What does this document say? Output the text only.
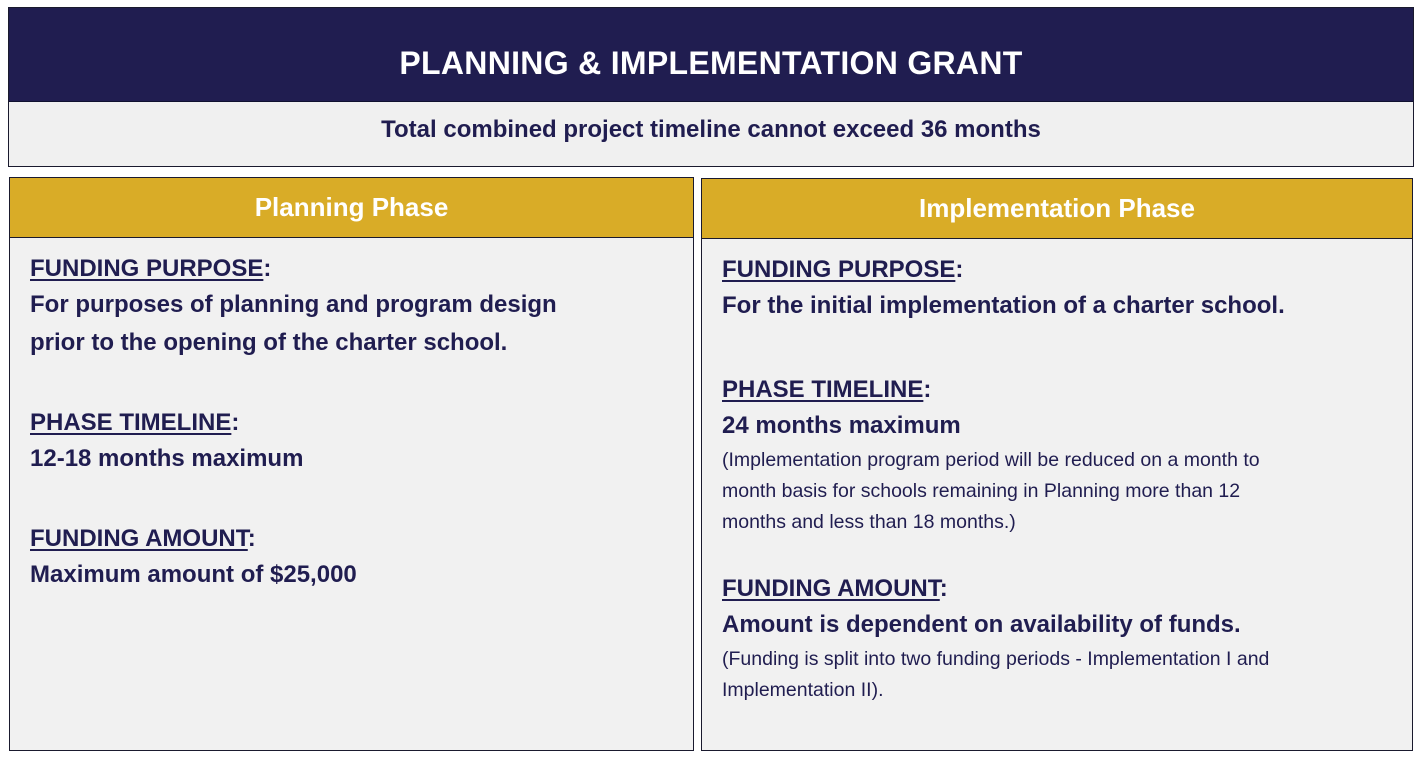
PLANNING & IMPLEMENTATION GRANT
Total combined project timeline cannot exceed 36 months
Planning Phase
FUNDING PURPOSE:
For purposes of planning and program design
prior to the opening of the charter school.
PHASE TIMELINE:
12-18 months maximum
FUNDING AMOUNT:
Maximum amount of $25,000
Implementation Phase
FUNDING PURPOSE:
For the initial implementation of a charter school.
PHASE TIMELINE:
24 months maximum
(Implementation program period will be reduced on a month to
month basis for schools remaining in Planning more than 12
months and less than 18 months.)
FUNDING AMOUNT:
Amount is dependent on availability of funds.
(Funding is split into two funding periods - Implementation I and
Implementation II).
